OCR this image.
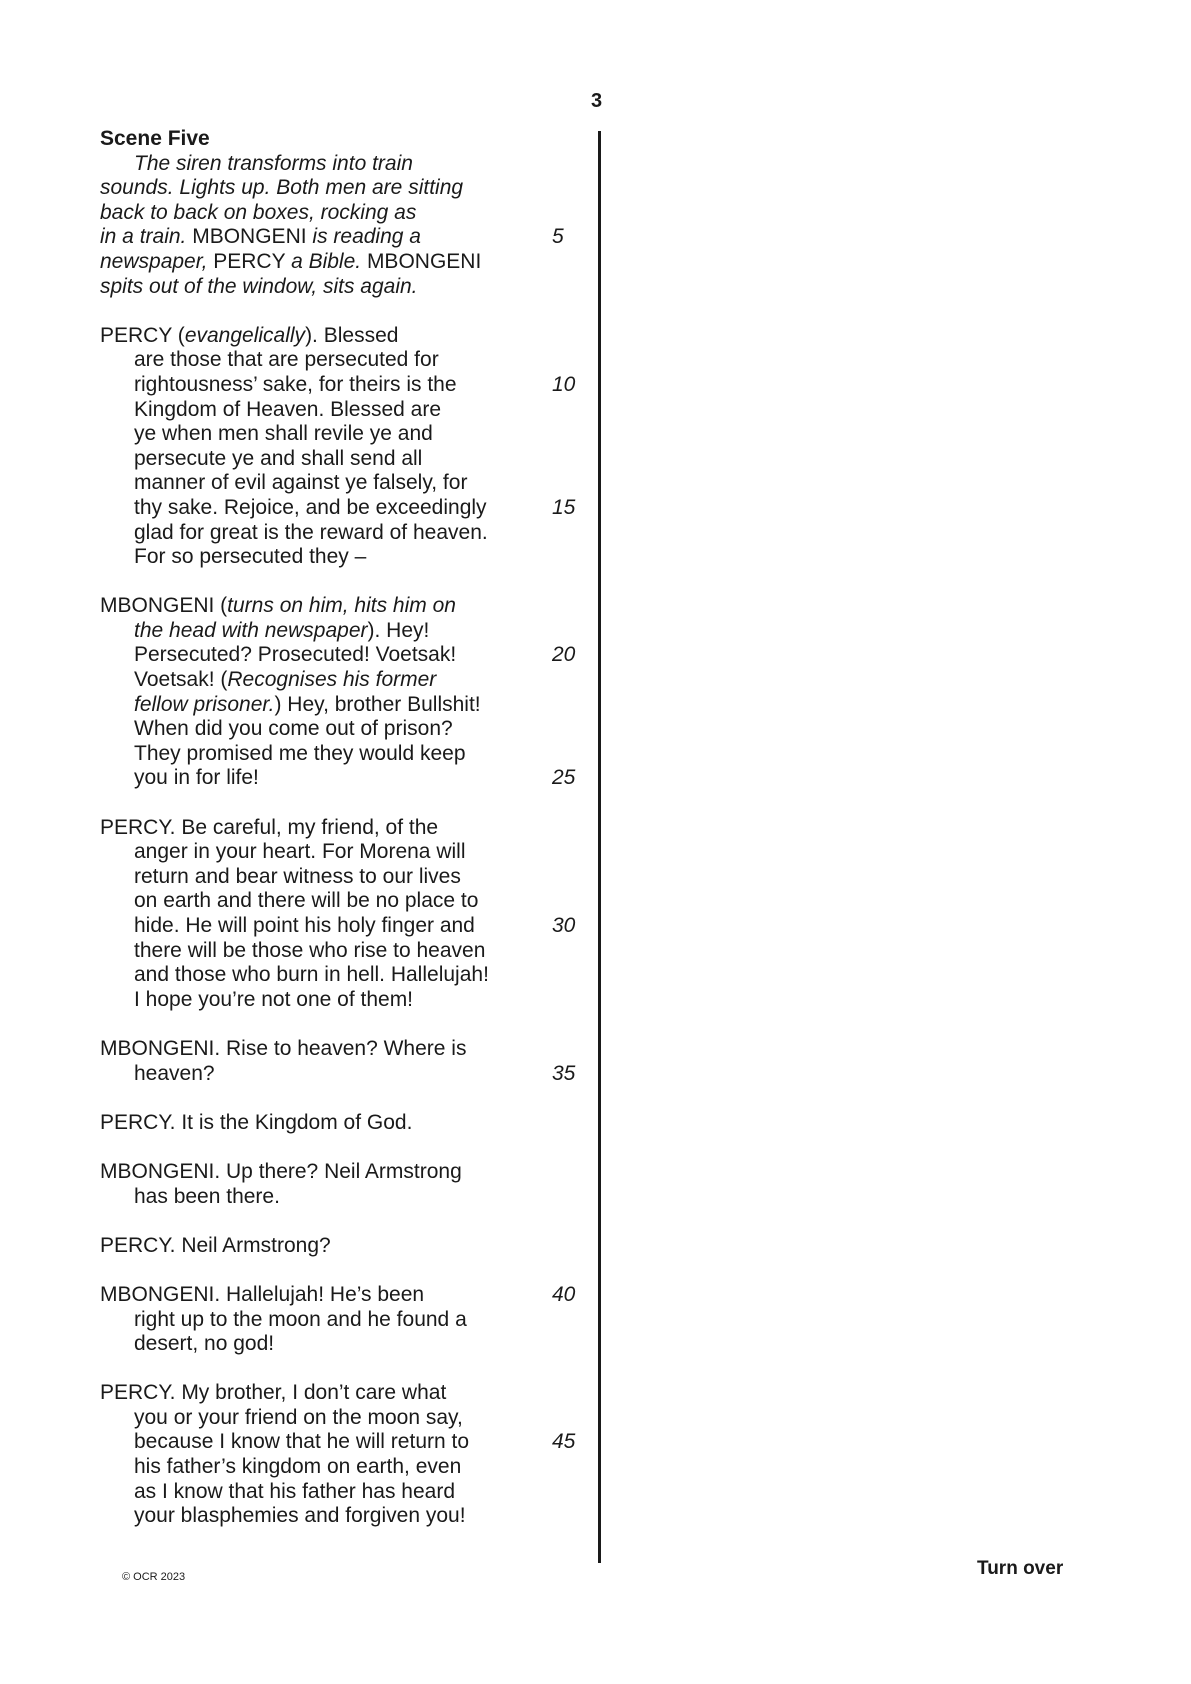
3
Scene Five
The siren transforms into train
sounds. Lights up. Both men are sitting
back to back on boxes, rocking as
in a train. MBONGENI is reading a	5
newspaper, PERCY a Bible. MBONGENI
spits out of the window, sits again.
PERCY (evangelically). Blessed
are those that are persecuted for
rightousness’ sake, for theirs is the	10
Kingdom of Heaven. Blessed are
ye when men shall revile ye and
persecute ye and shall send all
manner of evil against ye falsely, for
thy sake. Rejoice, and be exceedingly	15
glad for great is the reward of heaven.
For so persecuted they –
MBONGENI (turns on him, hits him on
the head with newspaper). Hey!
Persecuted? Prosecuted! Voetsak!	20
Voetsak! (Recognises his former
fellow prisoner.) Hey, brother Bullshit!
When did you come out of prison?
They promised me they would keep
you in for life!	25
PERCY. Be careful, my friend, of the
anger in your heart. For Morena will
return and bear witness to our lives
on earth and there will be no place to
hide. He will point his holy finger and	30
there will be those who rise to heaven
and those who burn in hell. Hallelujah!
I hope you’re not one of them!
MBONGENI. Rise to heaven? Where is
heaven?	35
PERCY. It is the Kingdom of God.
MBONGENI. Up there? Neil Armstrong
has been there.
PERCY. Neil Armstrong?
MBONGENI. Hallelujah! He’s been	40
right up to the moon and he found a
desert, no god!
PERCY. My brother, I don’t care what
you or your friend on the moon say,
because I know that he will return to	45
his father’s kingdom on earth, even
as I know that his father has heard
your blasphemies and forgiven you!
© OCR 2023	Turn over
